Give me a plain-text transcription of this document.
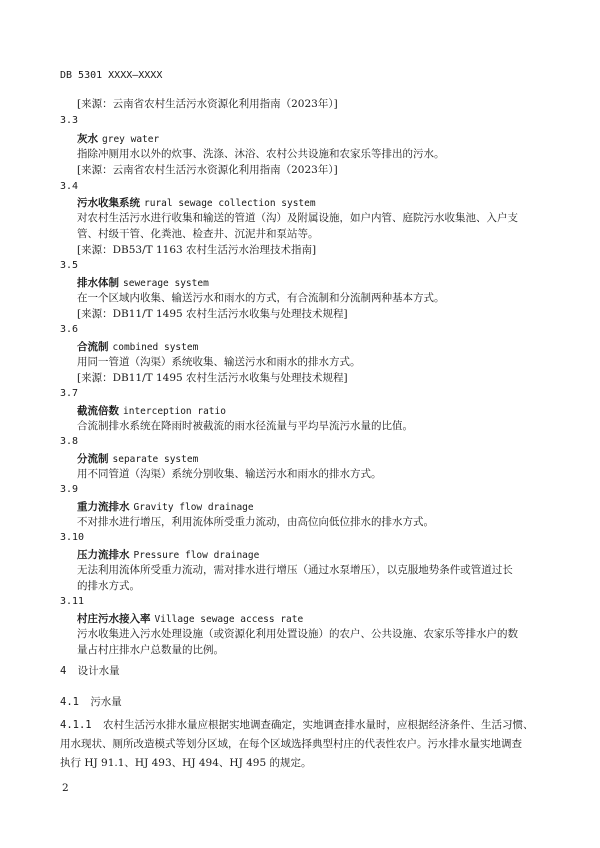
DB 5301 XXXX—XXXX
[来源：云南省农村生活污水资源化利用指南（2023年）]
3.3
灰水 grey water
指除冲厕用水以外的炊事、洗涤、沐浴、农村公共设施和农家乐等排出的污水。
[来源：云南省农村生活污水资源化利用指南（2023年）]
3.4
污水收集系统 rural sewage collection system
对农村生活污水进行收集和输送的管道（沟）及附属设施，如户内管、庭院污水收集池、入户支
管、村级干管、化粪池、检查井、沉泥井和泵站等。
[来源：DB53/T 1163 农村生活污水治理技术指南]
3.5
排水体制 sewerage system
在一个区域内收集、输送污水和雨水的方式，有合流制和分流制两种基本方式。
[来源：DB11/T 1495 农村生活污水收集与处理技术规程]
3.6
合流制 combined system
用同一管道（沟渠）系统收集、输送污水和雨水的排水方式。
[来源：DB11/T 1495 农村生活污水收集与处理技术规程]
3.7
截流倍数 interception ratio
合流制排水系统在降雨时被截流的雨水径流量与平均旱流污水量的比值。
3.8
分流制 separate system
用不同管道（沟渠）系统分别收集、输送污水和雨水的排水方式。
3.9
重力流排水 Gravity flow drainage
不对排水进行增压，利用流体所受重力流动，由高位向低位排水的排水方式。
3.10
压力流排水 Pressure flow drainage
无法利用流体所受重力流动，需对排水进行增压（通过水泵增压），以克服地势条件或管道过长
的排水方式。
3.11
村庄污水接入率 Village sewage access rate
污水收集进入污水处理设施（或资源化利用处置设施）的农户、公共设施、农家乐等排水户的数
量占村庄排水户总数量的比例。
4 设计水量
4.1 污水量
4.1.1 农村生活污水排水量应根据实地调查确定，实地调查排水量时，应根据经济条件、生活习惯、
用水现状、厕所改造模式等划分区域，在每个区域选择典型村庄的代表性农户。污水排水量实地调查
执行 HJ 91.1、HJ 493、HJ 494、HJ 495 的规定。
2
